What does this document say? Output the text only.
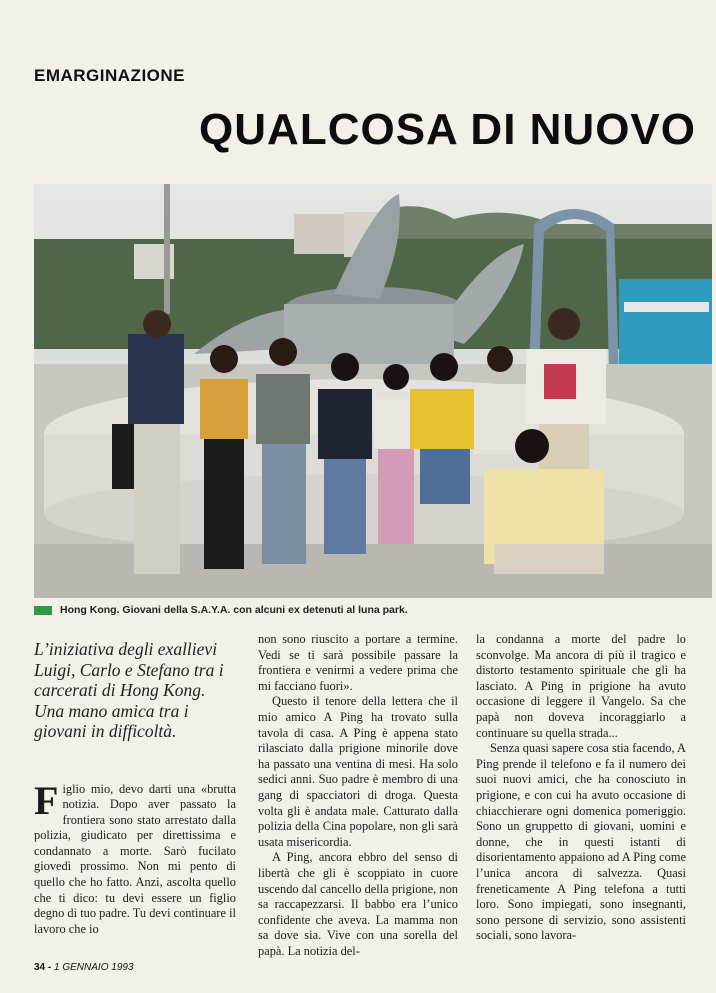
EMARGINAZIONE
QUALCOSA DI NUOVO
Hong Kong. Giovani della S.A.Y.A. con alcuni ex detenuti al luna park.

L’iniziativa degli exallievi Luigi, Carlo e Stefano tra i carcerati di Hong Kong. Una mano amica tra i giovani in difficoltà.

Figlio mio, devo darti una «brutta notizia. Dopo aver passato la frontiera sono stato arrestato dalla polizia, giudicato per direttissima e condannato a morte. Sarò fucilato giovedì prossimo. Non mi pento di quello che ho fatto. Anzi, ascolta quello che ti dico: tu devi essere un figlio degno di tuo padre. Tu devi continuare il lavoro che io

non sono riuscito a portare a termine. Vedi se ti sarà possibile passare la frontiera e venirmi a vedere prima che mi facciano fuori».

Questo il tenore della lettera che il mio amico A Ping ha trovato sulla tavola di casa. A Ping è appena stato rilasciato dalla prigione minorile dove ha passato una ventina di mesi. Ha solo sedici anni. Suo padre è membro di una gang di spacciatori di droga. Questa volta gli è andata male. Catturato dalla polizia della Cina popolare, non gli sarà usata misericordia.

A Ping, ancora ebbro del senso di libertà che gli è scoppiato in cuore uscendo dal cancello della prigione, non sa raccapezzarsi. Il babbo era l’unico confidente che aveva. La mamma non sa dove sia. Vive con una sorella del papà. La notizia del-

la condanna a morte del padre lo sconvolge. Ma ancora di più il tragico e distorto testamento spirituale che gli ha lasciato. A Ping in prigione ha avuto occasione di leggere il Vangelo. Sa che papà non doveva incoraggiarlo a continuare su quella strada...

Senza quasi sapere cosa stia facendo, A Ping prende il telefono e fa il numero dei suoi nuovi amici, che ha conosciuto in prigione, e con cui ha avuto occasione di chiacchierare ogni domenica pomeriggio. Sono un gruppetto di giovani, uomini e donne, che in questi istanti di disorientamento appaiono ad A Ping come l’unica ancora di salvezza. Quasi freneticamente A Ping telefona a tutti loro. Sono impiegati, sono insegnanti, sono persone di servizio, sono assistenti sociali, sono lavora-

34 - 1 GENNAIO 1993
